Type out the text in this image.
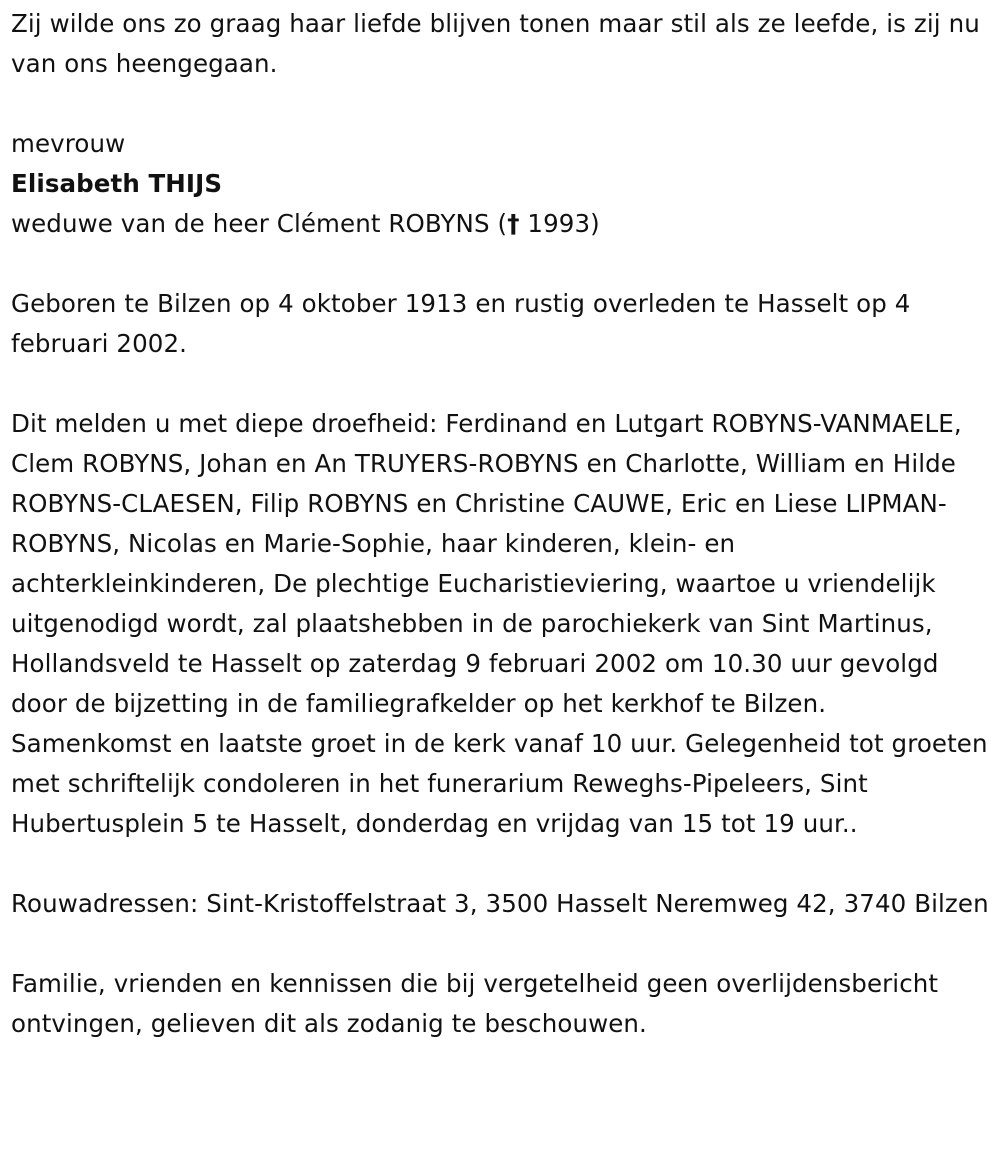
Zij wilde ons zo graag haar liefde blijven tonen maar stil als ze leefde, is zij nu van ons heengegaan.

mevrouw

Elisabeth THIJS

weduwe van de heer Clément ROBYNS († 1993)

Geboren te Bilzen op 4 oktober 1913 en rustig overleden te Hasselt op 4 februari 2002.

Dit melden u met diepe droefheid: Ferdinand en Lutgart ROBYNS-VANMAELE, Clem ROBYNS, Johan en An TRUYERS-ROBYNS en Charlotte, William en Hilde ROBYNS-CLAESEN, Filip ROBYNS en Christine CAUWE, Eric en Liese LIPMAN-ROBYNS, Nicolas en Marie-Sophie, haar kinderen, klein- en achterkleinkinderen, De plechtige Eucharistieviering, waartoe u vriendelijk uitgenodigd wordt, zal plaatshebben in de parochiekerk van Sint Martinus, Hollandsveld te Hasselt op zaterdag 9 februari 2002 om 10.30 uur gevolgd door de bijzetting in de familiegrafkelder op het kerkhof te Bilzen. Samenkomst en laatste groet in de kerk vanaf 10 uur. Gelegenheid tot groeten met schriftelijk condoleren in het funerarium Reweghs-Pipeleers, Sint Hubertusplein 5 te Hasselt, donderdag en vrijdag van 15 tot 19 uur..

Rouwadressen: Sint-Kristoffelstraat 3, 3500 Hasselt Neremweg 42, 3740 Bilzen

Familie, vrienden en kennissen die bij vergetelheid geen overlijdensbericht ontvingen, gelieven dit als zodanig te beschouwen.
